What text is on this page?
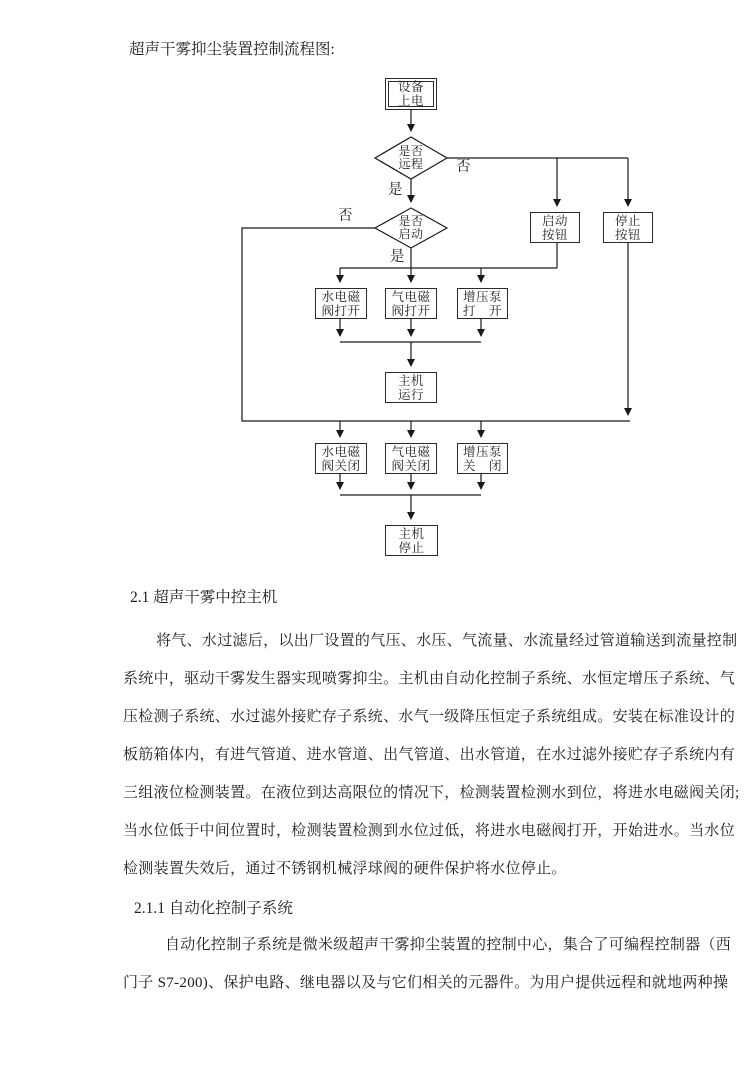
超声干雾抑尘装置控制流程图:
设备
上电
是否
远程
是否
启动
否
是
否
是
启动
按钮
停止
按钮
水电磁
阀打开
气电磁
阀打开
增压泵
打　开
主机
运行
水电磁
阀关闭
气电磁
阀关闭
增压泵
关　闭
主机
停止
2.1 超声干雾中控主机
将气、水过滤后，以出厂设置的气压、水压、气流量、水流量经过管道输送到流量控制
系统中，驱动干雾发生器实现喷雾抑尘。主机由自动化控制子系统、水恒定增压子系统、气
压检测子系统、水过滤外接贮存子系统、水气一级降压恒定子系统组成。安装在标准设计的
板筋箱体内，有进气管道、进水管道、出气管道、出水管道，在水过滤外接贮存子系统内有
三组液位检测装置。在液位到达高限位的情况下，检测装置检测水到位，将进水电磁阀关闭;
当水位低于中间位置时，检测装置检测到水位过低，将进水电磁阀打开，开始进水。当水位
检测装置失效后，通过不锈钢机械浮球阀的硬件保护将水位停止。
2.1.1 自动化控制子系统
自动化控制子系统是微米级超声干雾抑尘装置的控制中心，集合了可编程控制器（西
门子 S7-200)、保护电路、继电器以及与它们相关的元器件。为用户提供远程和就地两种操
